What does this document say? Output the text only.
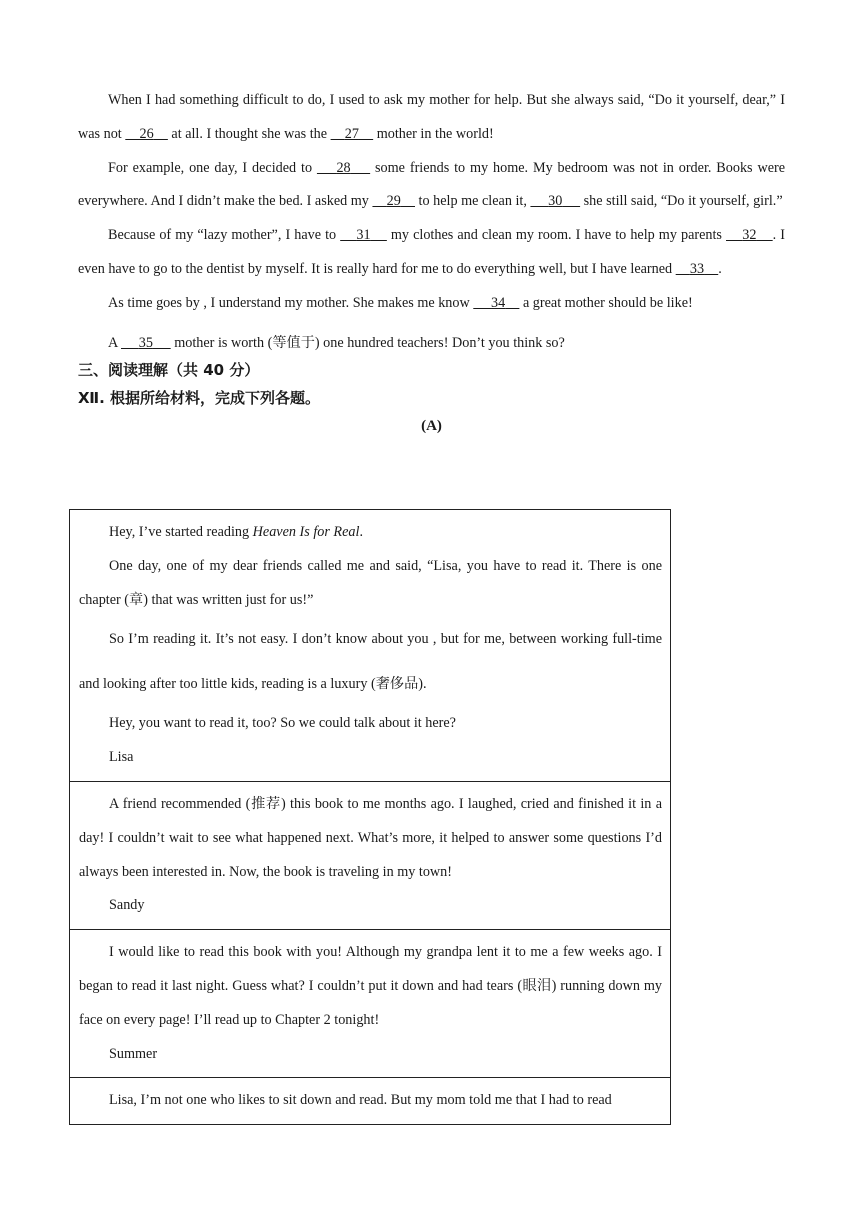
When I had something difficult to do, I used to ask my mother for help. But she always said, “Do it yourself, dear,” I was not     26     at all. I thought she was the     27     mother in the world!

For example, one day, I decided to     28     some friends to my home. My bedroom was not in order. Books were everywhere. And I didn’t make the bed. I asked my     29     to help me clean it,      30      she still said, “Do it yourself, girl.”

Because of my “lazy mother”, I have to     31     my clothes and clean my room. I have to help my parents     32 . I even have to go to the dentist by myself. It is really hard for me to do everything well, but I have learned     33 .

As time goes by , I understand my mother. She makes me know      34     a great mother should be like!

A      35      mother is worth (等值于) one hundred teachers! Don’t you think so?

三、阅读理解（共 40 分）

Ⅻ. 根据所给材料，完成下列各题。

(A)

Hey, I’ve started reading Heaven Is for Real.

One day, one of my dear friends called me and said, “Lisa, you have to read it. There is one chapter (章) that was written just for us!”

So I’m reading it. It’s not easy. I don’t know about you , but for me, between working full-time and looking after too little kids, reading is a luxury (奢侈品).

Hey, you want to read it, too? So we could talk about it here?

Lisa

A friend recommended (推荐) this book to me months ago. I laughed, cried and finished it in a day! I couldn’t wait to see what happened next. What’s more, it helped to answer some questions I’d always been interested in. Now, the book is traveling in my town!

Sandy

I would like to read this book with you! Although my grandpa lent it to me a few weeks ago. I began to read it last night. Guess what? I couldn’t put it down and had tears (眼泪) running down my face on every page! I’ll read up to Chapter 2 tonight!

Summer

Lisa, I’m not one who likes to sit down and read. But my mom told me that I had to read
